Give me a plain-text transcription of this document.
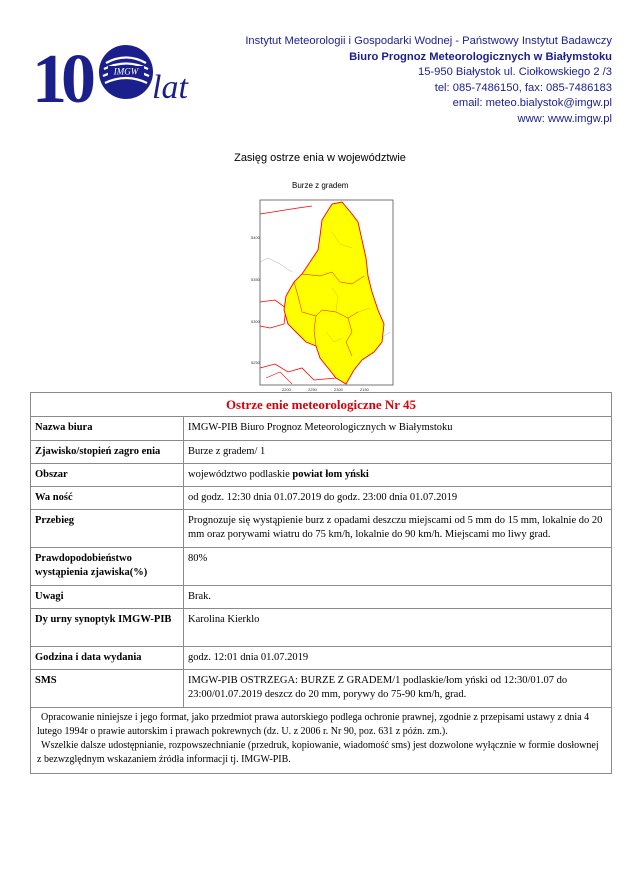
10	IMGW lat
Instytut Meteorologii i Gospodarki Wodnej - Państwowy Instytut Badawczy
Biuro Prognoz Meteorologicznych w Białymstoku
15-950 Białystok ul. Ciołkowskiego 2 /3
tel: 085-7486150, fax: 085-7486183
email: meteo.bialystok@imgw.pl
www: www.imgw.pl
Zasięg ostrze enia w województwie
Burze z gradem
5400
5350
5300
5250
2200	2250	2300	2150
Ostrze enie meteorologiczne Nr 45
Nazwa biura	IMGW-PIB Biuro Prognoz Meteorologicznych w Białymstoku
Zjawisko/stopień zagro enia	Burze z gradem/ 1
Obszar	województwo podlaskie powiat łom yński
Wa ność	od godz. 12:30 dnia 01.07.2019 do godz. 23:00 dnia 01.07.2019
Przebieg	Prognozuje się wystąpienie burz z opadami deszczu miejscami od 5 mm do 15 mm, lokalnie do 20 mm oraz porywami wiatru do 75 km/h, lokalnie do 90 km/h. Miejscami mo liwy grad.
Prawdopodobieństwo wystąpienia zjawiska(%)	80%
Uwagi	Brak.
Dy urny synoptyk IMGW-PIB	Karolina Kierklo
Godzina i data wydania	godz. 12:01 dnia 01.07.2019
SMS	IMGW-PIB OSTRZEGA: BURZE Z GRADEM/1 podlaskie/łom yński od 12:30/01.07 do 23:00/01.07.2019 deszcz do 20 mm, porywy do 75-90 km/h, grad.

Opracowanie niniejsze i jego format, jako przedmiot prawa autorskiego podlega ochronie prawnej, zgodnie z przepisami ustawy z dnia 4 lutego 1994r o prawie autorskim i prawach pokrewnych (dz. U. z 2006 r. Nr 90, poz. 631 z późn. zm.).

Wszelkie dalsze udostępnianie, rozpowszechnianie (przedruk, kopiowanie, wiadomość sms) jest dozwolone wyłącznie w formie dosłownej z bezwzględnym wskazaniem źródła informacji tj. IMGW-PIB.
